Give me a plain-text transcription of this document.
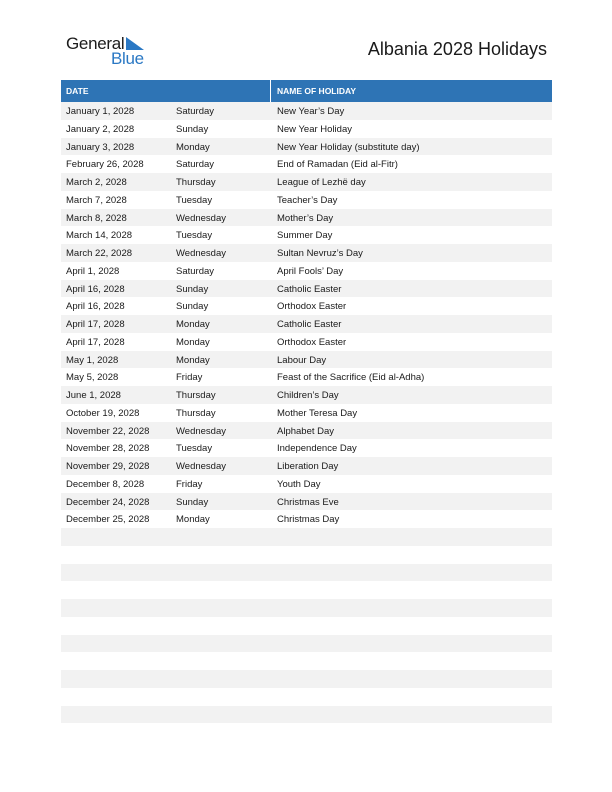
General
Blue	Albania 2028 Holidays
DATE	NAME OF HOLIDAY
January 1, 2028	Saturday	New Year’s Day
January 2, 2028	Sunday	New Year Holiday
January 3, 2028	Monday	New Year Holiday (substitute day)
February 26, 2028	Saturday	End of Ramadan (Eid al-Fitr)
March 2, 2028	Thursday	League of Lezhë day
March 7, 2028	Tuesday	Teacher’s Day
March 8, 2028	Wednesday	Mother’s Day
March 14, 2028	Tuesday	Summer Day
March 22, 2028	Wednesday	Sultan Nevruz’s Day
April 1, 2028	Saturday	April Fools’ Day
April 16, 2028	Sunday	Catholic Easter
April 16, 2028	Sunday	Orthodox Easter
April 17, 2028	Monday	Catholic Easter
April 17, 2028	Monday	Orthodox Easter
May 1, 2028	Monday	Labour Day
May 5, 2028	Friday	Feast of the Sacrifice (Eid al-Adha)
June 1, 2028	Thursday	Children’s Day
October 19, 2028	Thursday	Mother Teresa Day
November 22, 2028	Wednesday	Alphabet Day
November 28, 2028	Tuesday	Independence Day
November 29, 2028	Wednesday	Liberation Day
December 8, 2028	Friday	Youth Day
December 24, 2028	Sunday	Christmas Eve
December 25, 2028	Monday	Christmas Day
